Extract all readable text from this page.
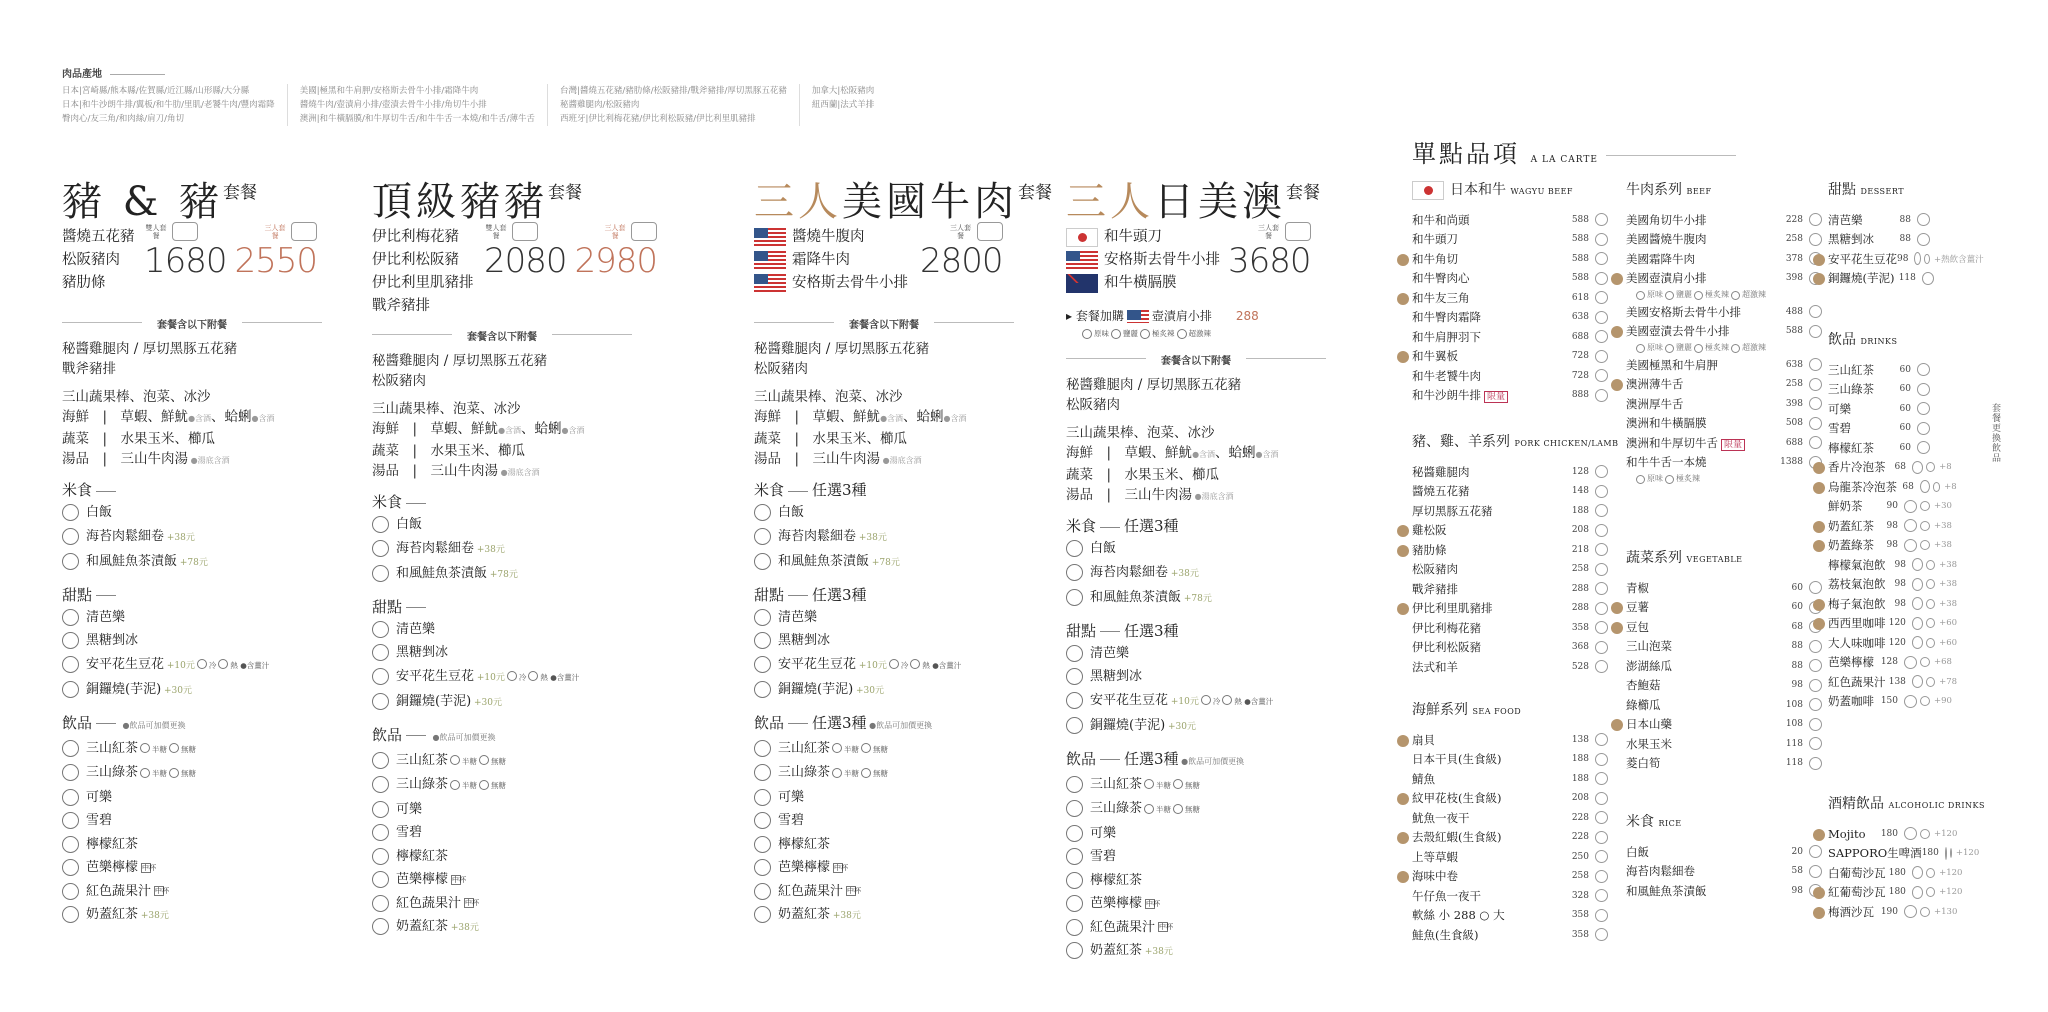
肉品產地
日本|宮崎縣/熊本縣/佐賀縣/近江縣/山形縣/大分縣
日本|和牛沙朗牛排/翼板/和牛肋/里肌/老饕牛肉/豐肉霜降
臀肉心/友三角/和肉絲/肩刀/角切
美國|極黑和牛肩胛/安格斯去骨牛小排/霜降牛肉
醬燒牛肉/壺漬肩小排/壺漬去骨牛小排/角切牛小排
澳洲|和牛橫膈膜/和牛厚切牛舌/和牛牛舌一本燒/和牛舌/薄牛舌
台灣|醬燒五花豬/豬肋條/松阪豬排/戰斧豬排/厚切黑豚五花豬
秘醬雞腿肉/松阪豬肉
西班牙|伊比利梅花豬/伊比利松阪豬/伊比利里肌豬排
加拿大|松阪豬肉
紐西蘭|法式羊排
豬 & 豬套餐
醬燒五花豬
松阪豬肉
豬肋條
雙人套餐
1680
三人套餐
2550
套餐含以下附餐
秘醬雞腿肉 / 厚切黑豚五花豬
戰斧豬排
三山蔬果棒、泡菜、冰沙
海鮮　|　草蝦、鮮魷●含酒、蛤蜊●含酒
蔬菜　|　水果玉米、櫛瓜
湯品　|　三山牛肉湯 ●湯底含酒
米食
白飯
海苔肉鬆細卷 +38元
和風鮭魚茶漬飯 +78元
甜點
清芭樂
黑糖剉冰
安平花生豆花 +10元 冷 熱 ●含薑汁
銅鑼燒(芋泥) +30元
飲品	●飲品可加價更換
三山紅茶 半糖 無糖
三山綠茶 半糖 無糖
可樂
雪碧
檸檬紅茶
芭樂檸檬 中杯
紅色蔬果汁 中杯
奶蓋紅茶 +38元
頂級豬豬套餐
伊比利梅花豬
伊比利松阪豬
伊比利里肌豬排
戰斧豬排
雙人套餐
2080
三人套餐
2980
套餐含以下附餐
秘醬雞腿肉 / 厚切黑豚五花豬
松阪豬肉
三山蔬果棒、泡菜、冰沙
海鮮　|　草蝦、鮮魷●含酒、蛤蜊●含酒
蔬菜　|　水果玉米、櫛瓜
湯品　|　三山牛肉湯 ●湯底含酒
米食
白飯
海苔肉鬆細卷 +38元
和風鮭魚茶漬飯 +78元
甜點
清芭樂
黑糖剉冰
安平花生豆花 +10元 冷 熱 ●含薑汁
銅鑼燒(芋泥) +30元
飲品	●飲品可加價更換
三山紅茶 半糖 無糖
三山綠茶 半糖 無糖
可樂
雪碧
檸檬紅茶
芭樂檸檬 中杯
紅色蔬果汁 中杯
奶蓋紅茶 +38元
三人美國牛肉套餐
醬燒牛腹肉
霜降牛肉
安格斯去骨牛小排
三人套餐
2800
套餐含以下附餐
秘醬雞腿肉 / 厚切黑豚五花豬
松阪豬肉
三山蔬果棒、泡菜、冰沙
海鮮　|　草蝦、鮮魷●含酒、蛤蜊●含酒
蔬菜　|　水果玉米、櫛瓜
湯品　|　三山牛肉湯 ●湯底含酒
米食 任選3種
白飯
海苔肉鬆細卷 +38元
和風鮭魚茶漬飯 +78元
甜點 任選3種
清芭樂
黑糖剉冰
安平花生豆花 +10元 冷 熱 ●含薑汁
銅鑼燒(芋泥) +30元
飲品 任選3種 ●飲品可加價更換
三山紅茶 半糖 無糖
三山綠茶 半糖 無糖
可樂
雪碧
檸檬紅茶
芭樂檸檬 中杯
紅色蔬果汁 中杯
奶蓋紅茶 +38元
三人日美澳套餐
和牛頭刀
安格斯去骨牛小排
和牛橫膈膜
三人套餐
3680
▸ 套餐加購 壺漬肩小排 288
原味 鹽麗 極炙辣 超激辣
套餐含以下附餐
秘醬雞腿肉 / 厚切黑豚五花豬
松阪豬肉
三山蔬果棒、泡菜、冰沙
海鮮　|　草蝦、鮮魷●含酒、蛤蜊●含酒
蔬菜　|　水果玉米、櫛瓜
湯品　|　三山牛肉湯 ●湯底含酒
米食 任選3種
白飯
海苔肉鬆細卷 +38元
和風鮭魚茶漬飯 +78元
甜點 任選3種
清芭樂
黑糖剉冰
安平花生豆花 +10元 冷 熱 ●含薑汁
銅鑼燒(芋泥) +30元
飲品 任選3種 ●飲品可加價更換
三山紅茶 半糖 無糖
三山綠茶 半糖 無糖
可樂
雪碧
檸檬紅茶
芭樂檸檬 中杯
紅色蔬果汁 中杯
奶蓋紅茶 +38元
單點品項 A LA CARTE
日本和牛 WAGYU BEEF
和牛和尚頭	588
和牛頭刀	588
和牛角切	588
和牛臀肉心	588
和牛友三角	618
和牛臀肉霜降	638
和牛肩胛羽下	688
和牛翼板	728
和牛老饕牛肉	728
和牛沙朗牛排 限量	888
豬、雞、羊系列 PORK CHICKEN/LAMB
秘醬雞腿肉	128
醬燒五花豬	148
厚切黑豚五花豬	188
雞松阪	208
豬肋條	218
松阪豬肉	258
戰斧豬排	288
伊比利里肌豬排	288
伊比利梅花豬	358
伊比利松阪豬	368
法式和羊	528
海鮮系列 SEA FOOD
扇貝	138
日本干貝(生食級)	188
鯖魚	188
紋甲花枝(生食級)	208
魷魚一夜干	228
去殼紅蝦(生食級)	228
上等草蝦	250
海味中卷	258
午仔魚一夜干	328
軟絲 小 288 ○ 大	358
鮭魚(生食級)	358
牛肉系列 BEEF
美國角切牛小排	228
美國醬燒牛腹肉	258
美國霜降牛肉	378
美國壺漬肩小排	398
原味 鹽麗 極炙辣 超激辣
美國安格斯去骨牛小排	488
美國壺漬去骨牛小排	588
原味 鹽麗 極炙辣 超激辣
美國極黑和牛肩胛	638
澳洲薄牛舌	258
澳洲厚牛舌	398
澳洲和牛橫膈膜	508
澳洲和牛厚切牛舌 限量	688
和牛牛舌一本燒	1388
原味 極炙辣
蔬菜系列 VEGETABLE
青椒	60
豆薯	60
豆包	68
三山泡菜	88
澎湖絲瓜	88
杏鮑菇	98
綠櫛瓜	108
日本山藥	108
水果玉米	118
菱白筍	118
米食 RICE
白飯	20
海苔肉鬆細卷	58
和風鮭魚茶漬飯	98
甜點 DESSERT
清芭樂	88
黑糖剉冰	88
安平花生豆花 98	+熱飲含薑汁
銅鑼燒(芋泥) 118
飲品 DRINKS
三山紅茶	60
三山綠茶	60
可樂	60
雪碧	60
檸檬紅茶	60
香片冷泡茶 68	+8
烏龍茶冷泡茶 68	+8
鮮奶茶	90	+30
奶蓋紅茶	98	+38
奶蓋綠茶	98	+38
檸檬氣泡飲 98	+38
荔枝氣泡飲 98	+38
梅子氣泡飲 98	+38
西西里咖啡 120	+60
大人味咖啡 120	+60
芭樂檸檬 128	+68
紅色蔬果汁 138	+78
奶蓋咖啡 150	+90
酒精飲品 ALCOHOLIC DRINKS
Mojito	180	+120
SAPPORO生啤酒 180 +120
白葡萄沙瓦 180	+120
紅葡萄沙瓦 180	+120
梅酒沙瓦 190	+130
套餐更換飲品
